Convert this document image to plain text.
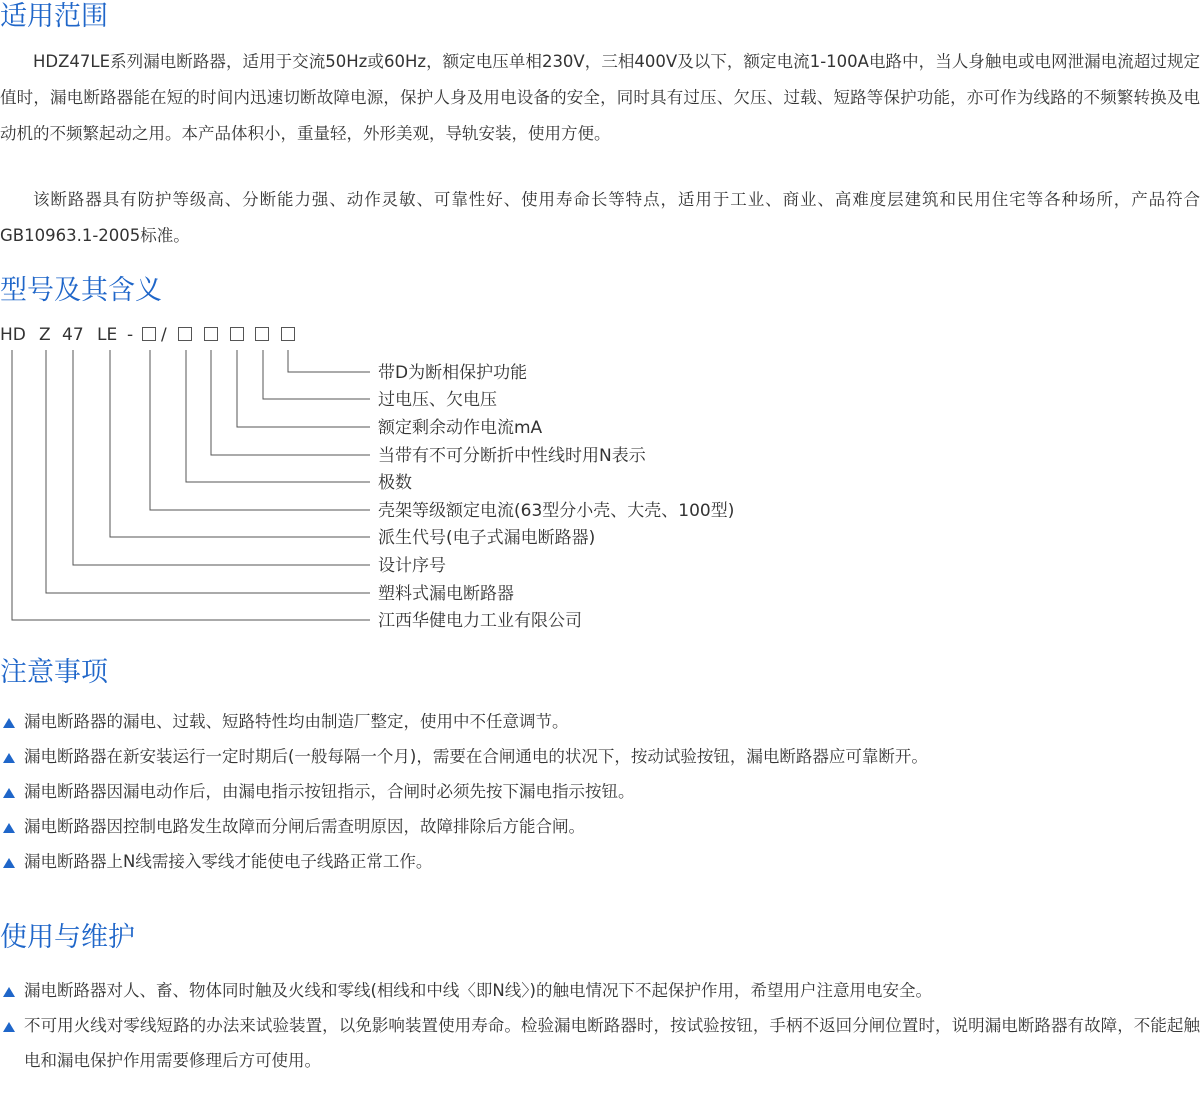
适用范围

HDZ47LE系列漏电断路器，适用于交流50Hz或60Hz，额定电压单相230V，三相400V及以下，额定电流1-100A电路中，当人身触电或电网泄漏电流超过规定值时，漏电断路器能在短的时间内迅速切断故障电源，保护人身及用电设备的安全，同时具有过压、欠压、过载、短路等保护功能，亦可作为线路的不频繁转换及电动机的不频繁起动之用。本产品体积小，重量轻，外形美观，导轨安装，使用方便。

该断路器具有防护等级高、分断能力强、动作灵敏、可靠性好、使用寿命长等特点，适用于工业、商业、高难度层建筑和民用住宅等各种场所，产品符合GB10963.1-2005标准。

型号及其含义
HD Z 47 LE - /
带D为断相保护功能
过电压、欠电压
额定剩余动作电流mA
当带有不可分断折中性线时用N表示
极数
壳架等级额定电流(63型分小壳、大壳、100型)
派生代号(电子式漏电断路器)
设计序号
塑料式漏电断路器
江西华健电力工业有限公司
注意事项
漏电断路器的漏电、过载、短路特性均由制造厂整定，使用中不任意调节。
漏电断路器在新安装运行一定时期后(一般每隔一个月)，需要在合闸通电的状况下，按动试验按钮，漏电断路器应可靠断开。
漏电断路器因漏电动作后，由漏电指示按钮指示，合闸时必须先按下漏电指示按钮。
漏电断路器因控制电路发生故障而分闸后需查明原因，故障排除后方能合闸。
漏电断路器上N线需接入零线才能使电子线路正常工作。
使用与维护
漏电断路器对人、畜、物体同时触及火线和零线(相线和中线〈即N线〉)的触电情况下不起保护作用，希望用户注意用电安全。
不可用火线对零线短路的办法来试验装置，以免影响装置使用寿命。检验漏电断路器时，按试验按钮，手柄不返回分闸位置时，说明漏电断路器有故障，不能起触电和漏电保护作用需要修理后方可使用。
